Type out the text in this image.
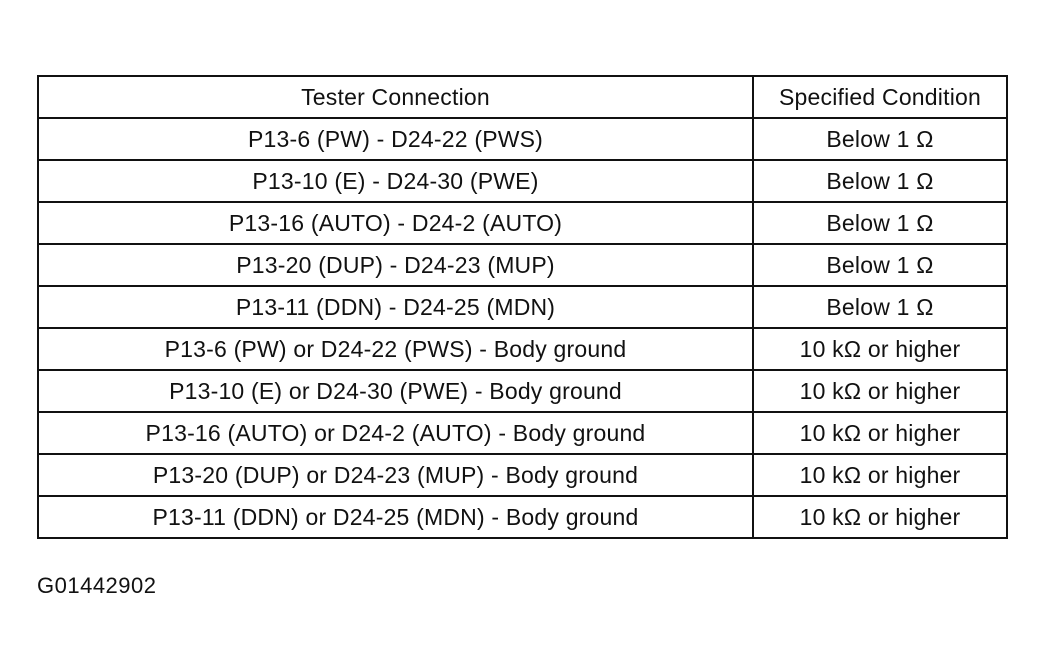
Tester Connection	Specified Condition
P13-6 (PW) - D24-22 (PWS)	Below 1 Ω
P13-10 (E) - D24-30 (PWE)	Below 1 Ω
P13-16 (AUTO) - D24-2 (AUTO)	Below 1 Ω
P13-20 (DUP) - D24-23 (MUP)	Below 1 Ω
P13-11 (DDN) - D24-25 (MDN)	Below 1 Ω
P13-6 (PW) or D24-22 (PWS) - Body ground	10 kΩ or higher
P13-10 (E) or D24-30 (PWE) - Body ground	10 kΩ or higher
P13-16 (AUTO) or D24-2 (AUTO) - Body ground	10 kΩ or higher
P13-20 (DUP) or D24-23 (MUP) - Body ground	10 kΩ or higher
P13-11 (DDN) or D24-25 (MDN) - Body ground	10 kΩ or higher
G01442902
